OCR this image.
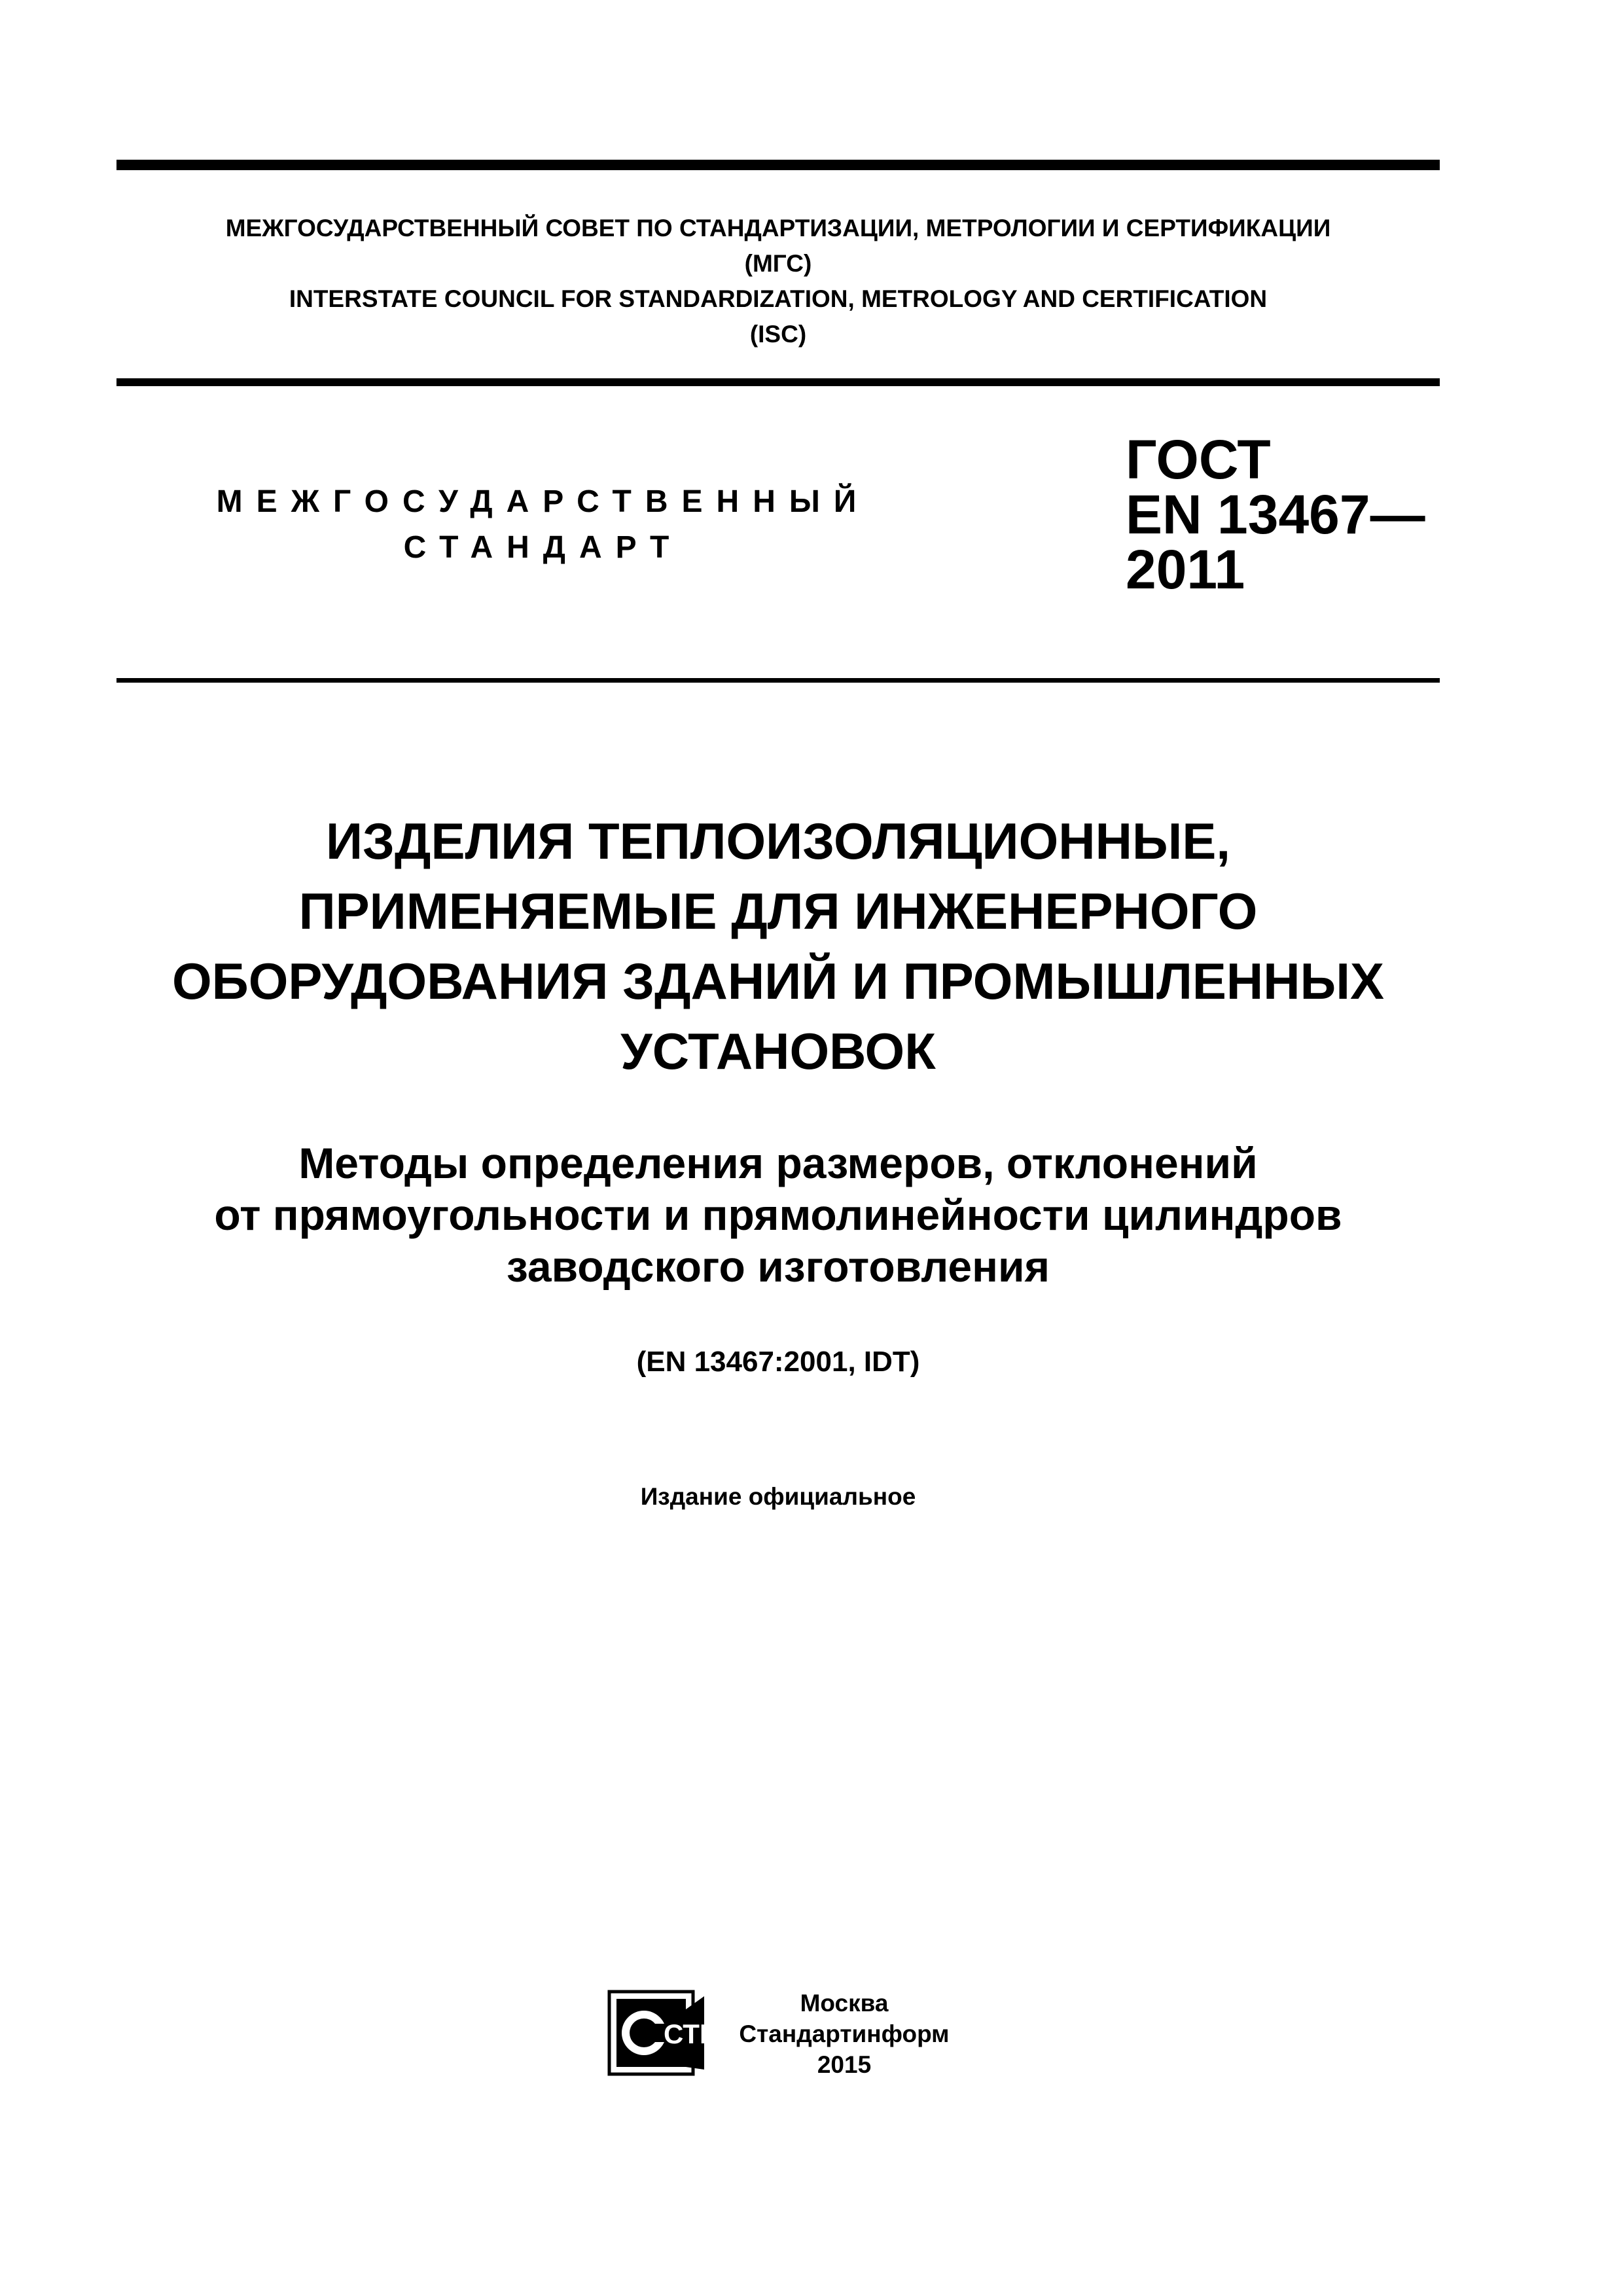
МЕЖГОСУДАРСТВЕННЫЙ СОВЕТ ПО СТАНДАРТИЗАЦИИ, МЕТРОЛОГИИ И СЕРТИФИКАЦИИ
(МГС)
INTERSTATE COUNCIL FOR STANDARDIZATION, METROLOGY AND CERTIFICATION
(ISC)
МЕЖГОСУДАРСТВЕННЫЙ
СТАНДАРТ
ГОСТ
EN 13467—
2011
ИЗДЕЛИЯ ТЕПЛОИЗОЛЯЦИОННЫЕ,
ПРИМЕНЯЕМЫЕ ДЛЯ ИНЖЕНЕРНОГО
ОБОРУДОВАНИЯ ЗДАНИЙ И ПРОМЫШЛЕННЫХ
УСТАНОВОК
Методы определения размеров, отклонений
от прямоугольности и прямолинейности цилиндров
заводского изготовления
(EN 13467:2001, IDT)
Издание официальное
СТИ
Москва
Стандартинформ
2015
